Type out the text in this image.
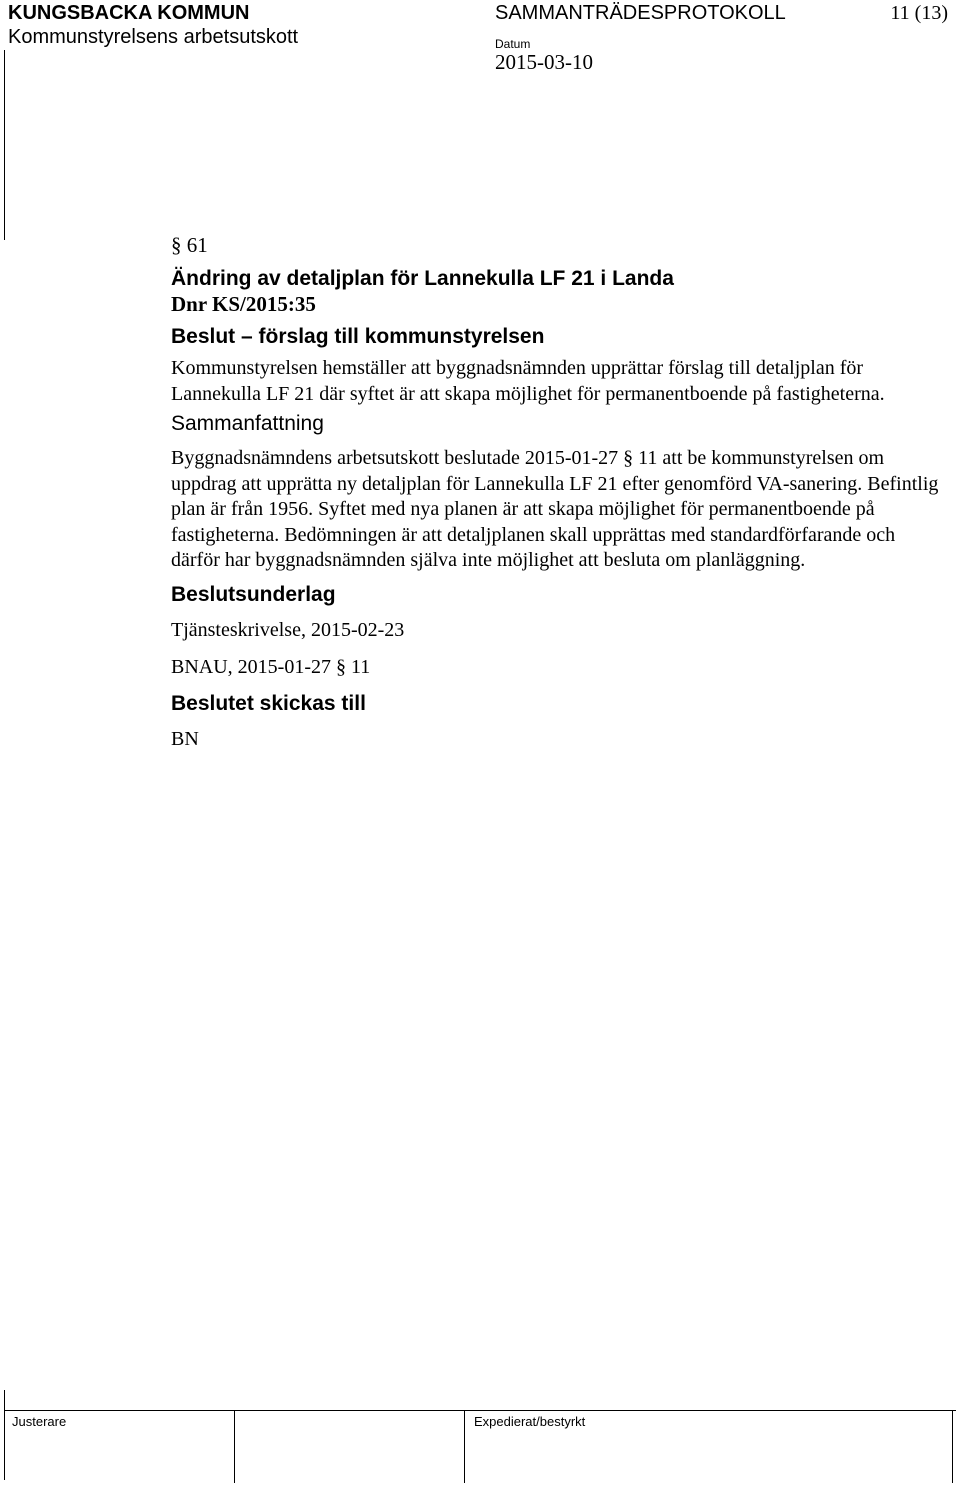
KUNGSBACKA KOMMUN
Kommunstyrelsens arbetsutskott
SAMMANTRÄDESPROTOKOLL	11 (13)
Datum
2015-03-10
§ 61
Ändring av detaljplan för Lannekulla LF 21 i Landa
Dnr KS/2015:35
Beslut – förslag till kommunstyrelsen

Kommunstyrelsen hemställer att byggnadsnämnden upprättar förslag till detaljplan för Lannekulla LF 21 där syftet är att skapa möjlighet för permanentboende på fastigheterna.

Sammanfattning

Byggnadsnämndens arbetsutskott beslutade 2015-01-27 § 11 att be kommunstyrelsen om uppdrag att upprätta ny detaljplan för Lannekulla LF 21 efter genomförd VA-sanering. Befintlig plan är från 1956. Syftet med nya planen är att skapa möjlighet för permanentboende på fastigheterna. Bedömningen är att detaljplanen skall upprättas med standardförfarande och därför har byggnadsnämnden själva inte möjlighet att besluta om planläggning.

Beslutsunderlag

Tjänsteskrivelse, 2015-02-23

BNAU, 2015-01-27 § 11

Beslutet skickas till

BN

Justerare	Expedierat/bestyrkt
